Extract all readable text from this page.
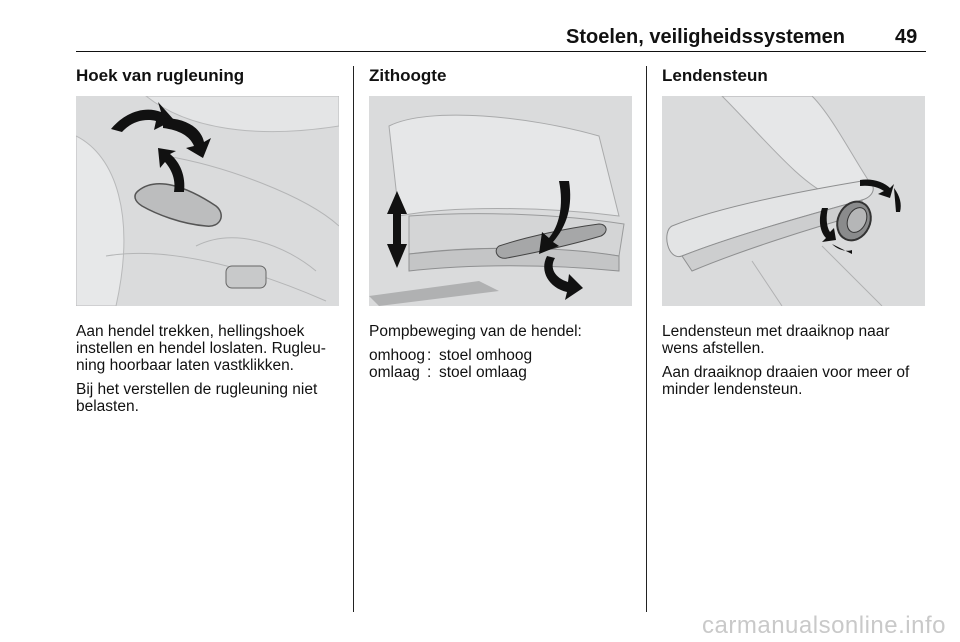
Stoelen, veiligheidssystemen	49
Hoek van rugleuning

Aan hendel trekken, hellingshoek instellen en hendel loslaten. Rugleuning hoorbaar laten vastklikken.

Bij het verstellen de rugleuning niet belasten.

Zithoogte

Pompbeweging van de hendel:

omhoog : stoel omhoog
omlaag : stoel omlaag
Lendensteun

Lendensteun met draaiknop naar wens afstellen.

Aan draaiknop draaien voor meer of minder lendensteun.

carmanualsonline.info
